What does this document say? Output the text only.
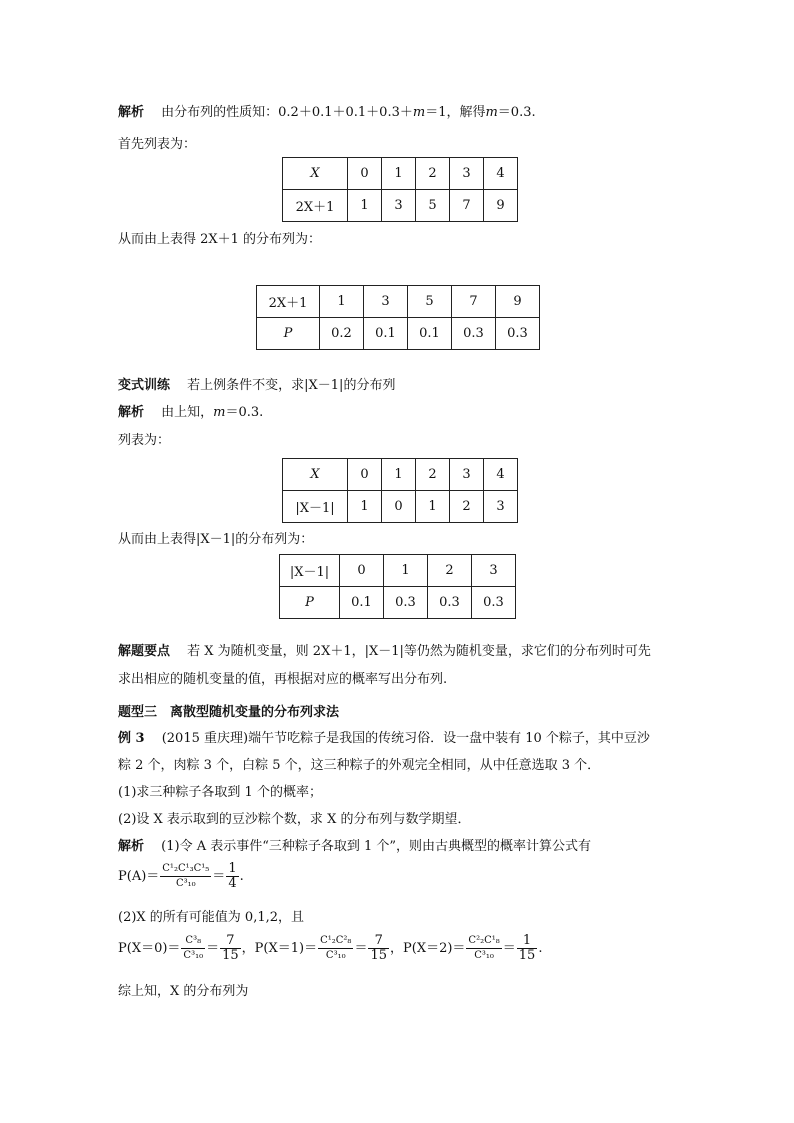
解析　 由分布列的性质知：0.2＋0.1＋0.1＋0.3＋m＝1，解得m＝0.3.
首先列表为：
X	0	1	2	3	4
2X＋1	1	3	5	7	9
从而由上表得 2X＋1 的分布列为：
2X＋1	1	3	5	7	9
P	0.2	0.1	0.1	0.3	0.3
变式训练　 若上例条件不变，求|X－1|的分布列
解析　 由上知，m＝0.3.
列表为：
X	0	1	2	3	4
|X－1|	1	0	1	2	3
从而由上表得|X－1|的分布列为：
|X－1|	0	1	2	3
P	0.1	0.3	0.3	0.3
解题要点　 若 X 为随机变量，则 2X＋1，|X－1|等仍然为随机变量，求它们的分布列时可先
求出相应的随机变量的值，再根据对应的概率写出分布列.
题型三　离散型随机变量的分布列求法
例 3　 (2015 重庆理)端午节吃粽子是我国的传统习俗．设一盘中装有 10 个粽子，其中豆沙
粽 2 个，肉粽 3 个，白粽 5 个，这三种粽子的外观完全相同，从中任意选取 3 个．
(1)求三种粽子各取到 1 个的概率；
(2)设 X 表示取到的豆沙粽个数，求 X 的分布列与数学期望．
解析　 (1)令 A 表示事件“三种粽子各取到 1 个”，则由古典概型的概率计算公式有
$P(A)= \frac{\text{C¹₂C¹₃C¹₅}}{\text{C³₁₀}} = \frac{1}{4}$ .
(2)X 的所有可能值为 0,1,2，且
$P(X=0)= \frac{\text{C³₈}}{\text{C³₁₀}} = \frac{7}{15}$ ，$P(X=1)= \frac{\text{C¹₂C²₈}}{\text{C³₁₀}} = \frac{7}{15}$ ，$P(X=2)= \frac{\text{C²₂C¹₈}}{\text{C³₁₀}} = \frac{1}{15}$ .
综上知，X 的分布列为
